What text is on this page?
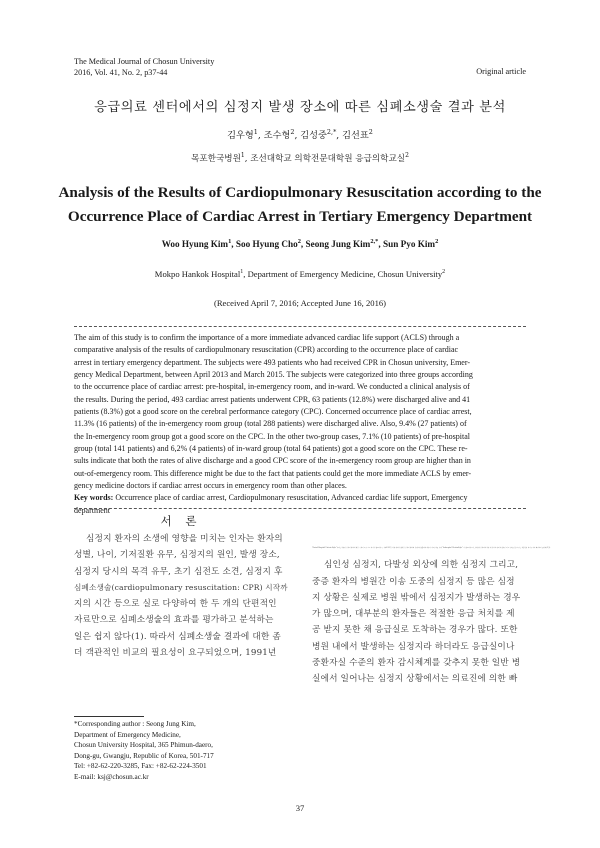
The Medical Journal of Chosun University
2016, Vol. 41, No. 2, p37-44	Original article
응급의료 센터에서의 심정지 발생 장소에 따른 심폐소생술 결과 분석
김우형$^1$, 조수형$^2$, 김성중$^{2,*}$, 김선표$^2$
목포한국병원$^1$, 조선대학교 의학전문대학원 응급의학교실$^2$
Analysis of the Results of Cardiopulmonary Resuscitation according to the
Occurrence Place of Cardiac Arrest in Tertiary Emergency Department
Woo Hyung Kim$^1$, Soo Hyung Cho$^2$, Seong Jung Kim$^{2,*}$, Sun Pyo Kim$^2$
Mokpo Hankok Hospital$^1$, Department of Emergency Medicine, Chosun University$^2$
(Received April 7, 2016; Accepted June 16, 2016)
The aim of this study is to confirm the importance of a more immediate advanced cardiac life support (ACLS) through a
comparative analysis of the results of cardiopulmonary resuscitation (CPR) according to the occurrence place of cardiac
arrest in tertiary emergency department. The subjects were 493 patients who had received CPR in Chosun university, Emer-
gency Medical Department, between April 2013 and March 2015. The subjects were categorized into three groups according
to the occurrence place of cardiac arrest: pre-hospital, in-emergency room, and in-ward. We conducted a clinical analysis of
the results. During the period, 493 cardiac arrest patients underwent CPR, 63 patients (12.8%) were discharged alive and 41
patients (8.3%) got a good score on the cerebral performance category (CPC). Concerned occurrence place of cardiac arrest,
11.3% (16 patients) of the in-emergency room group (total 288 patients) were discharged alive. Also, 9.4% (27 patients) of
the In-emergency room group got a good score on the CPC. In the other two-group cases, 7.1% (10 patients) of pre-hospital
group (total 141 patients) and 6,2% (4 patients) of in-ward group (total 64 patients) got a good score on the CPC. These re-
sults indicate that both the rates of alive discharge and a good CPC score of the in-emergency room group are higher than in
out-of-emergency room. This difference might be due to the fact that patients could get the more immediate ACLS by emer-
gency medicine doctors if cardiac arrest occurs in emergency room than other places.
Key words: Occurrence place of cardiac arrest, Cardiopulmonary resuscitation, Advanced cardiac life support, Emergency
department
서 론
심정지 환자의 소생에 영향을 미치는 인자는 환자의
성별, 나이, 기저질환 유무, 심정지의 원인, 발생 장소,
심정지 당시의 목격 유무, 초기 심전도 소견, 심정지 후
심폐소생술(cardiopulmonary resuscitation: CPR) 시작까
지의 시간 등으로 실로 다양하여 한 두 개의 단편적인
자료만으로 심폐소생술의 효과를 평가하고 분석하는
일은 쉽지 않다(1). 따라서 심폐소생술 결과에 대한 좀
더 객관적인 비교의 필요성이 요구되었으며, 1991년
"Out-of-Hospital Utstein Style"이라는 병원전 심정지 환자에 대한 국제적 표준 보고 양식이 발표되었고, 이후1997년 병원 내에서 발생한 심정지 환자의 심폐소생술결과의 객관적 비교분석을 위해 "In-hospital UtsteinStyle" 이 발표되었으나, 병원 밖 심정지와 병원 내 심정지 간의 직접적인 비교 분석을 할 수 있는 정형화된 양식은 아직 확립되지 않았다(2,3).
심인성 심정지, 다발성 외상에 의한 심정지 그리고,
중증 환자의 병원간 이송 도중의 심정지 등 많은 심정
지 상황은 실제로 병원 밖에서 심정지가 발생하는 경우
가 많으며, 대부분의 환자들은 적절한 응급 처치를 제
공 받지 못한 채 응급실로 도착하는 경우가 많다. 또한
병원 내에서 발생하는 심정지라 하더라도 응급실이나
중환자실 수준의 환자 감시체계를 갖추지 못한 일반 병
실에서 일어나는 심정지 상황에서는 의료진에 의한 빠
*Corresponding author : Seong Jung Kim,
Department of Emergency Medicine,
Chosun University Hospital, 365 Phimun-daero,
Dong-gu, Gwangju, Republic of Korea, 501-717
Tel: +82-62-220-3285, Fax: +82-62-224-3501
E-mail: ksj@chosun.ac.kr
37
